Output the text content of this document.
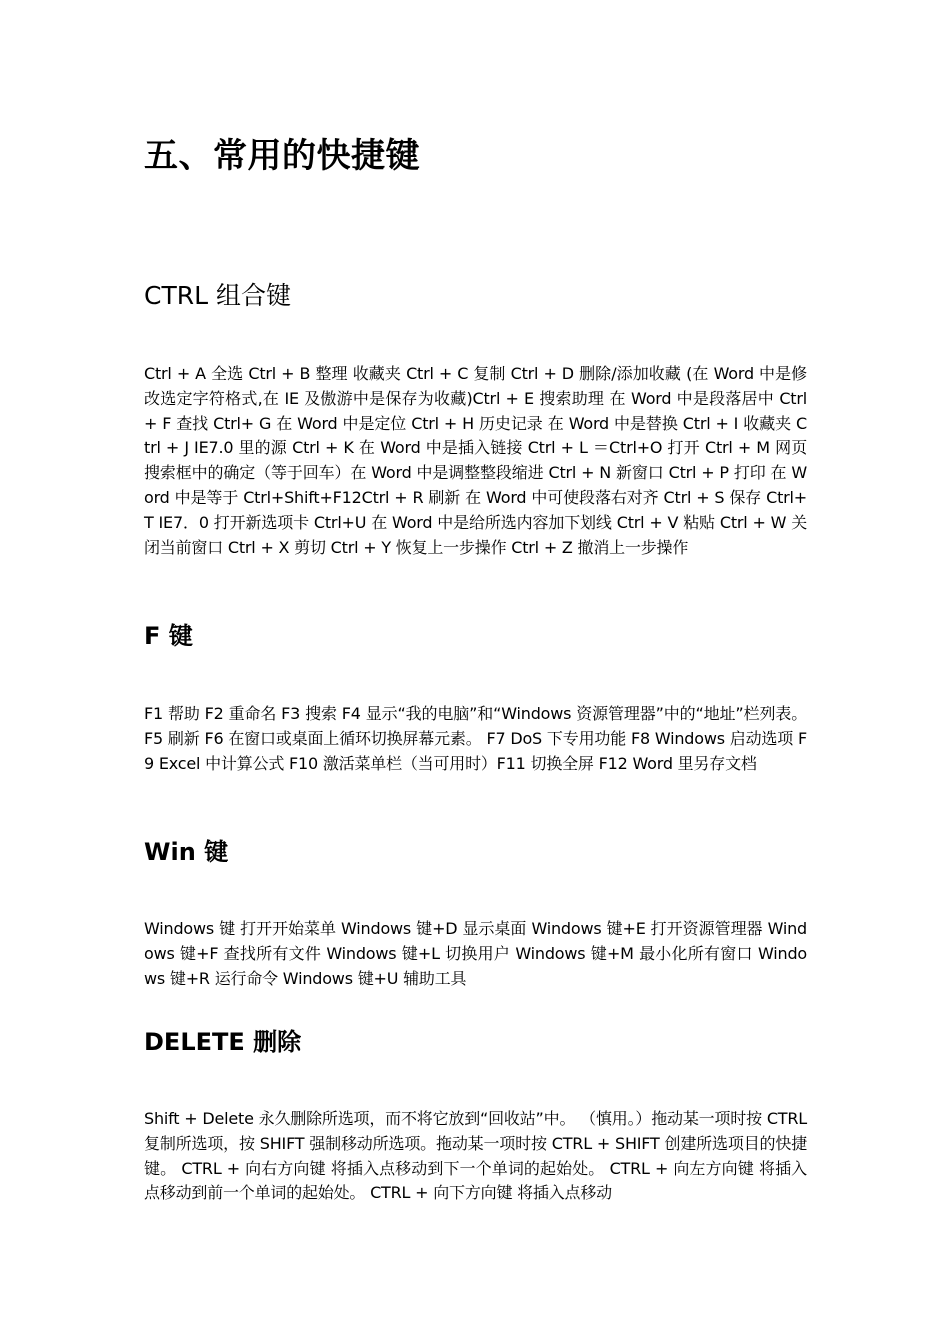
五、常用的快捷键
CTRL 组合键

Ctrl + A 全选 Ctrl + B 整理 收藏夹 Ctrl + C 复制 Ctrl + D 删除/添加收藏 (在 Word 中是修改选定字符格式,在 IE 及傲游中是保存为收藏)Ctrl + E 搜索助理 在 Word 中是段落居中 Ctrl + F 查找 Ctrl+ G 在 Word 中是定位 Ctrl + H 历史记录 在 Word 中是替换 Ctrl + I 收藏夹 Ctrl + J IE7.0 里的源 Ctrl + K 在 Word 中是插入链接 Ctrl + L ＝Ctrl+O 打开 Ctrl + M 网页搜索框中的确定（等于回车）在 Word 中是调整整段缩进 Ctrl + N 新窗口 Ctrl + P 打印 在 Word 中是等于 Ctrl+Shift+F12Ctrl + R 刷新 在 Word 中可使段落右对齐 Ctrl + S 保存 Ctrl+T IE7．0 打开新选项卡 Ctrl+U 在 Word 中是给所选内容加下划线 Ctrl + V 粘贴 Ctrl + W 关闭当前窗口 Ctrl + X 剪切 Ctrl + Y 恢复上一步操作 Ctrl + Z 撤消上一步操作

F 键

F1 帮助 F2 重命名 F3 搜索 F4 显示“我的电脑”和“Windows 资源管理器”中的“地址”栏列表。 F5 刷新 F6 在窗口或桌面上循环切换屏幕元素。 F7 DoS 下专用功能 F8 Windows 启动选项 F9 Excel 中计算公式 F10 激活菜单栏（当可用时）F11 切换全屏 F12 Word 里另存文档

Win 键

Windows 键 打开开始菜单 Windows 键+D 显示桌面 Windows 键+E 打开资源管理器 Windows 键+F 查找所有文件 Windows 键+L 切换用户 Windows 键+M 最小化所有窗口 Windows 键+R 运行命令 Windows 键+U 辅助工具

DELETE 删除

Shift + Delete 永久删除所选项，而不将它放到“回收站”中。 （慎用。）拖动某一项时按 CTRL 复制所选项，按 SHIFT 强制移动所选项。拖动某一项时按 CTRL + SHIFT 创建所选项目的快捷键。 CTRL + 向右方向键 将插入点移动到下一个单词的起始处。 CTRL + 向左方向键 将插入点移动到前一个单词的起始处。 CTRL + 向下方向键 将插入点移动
